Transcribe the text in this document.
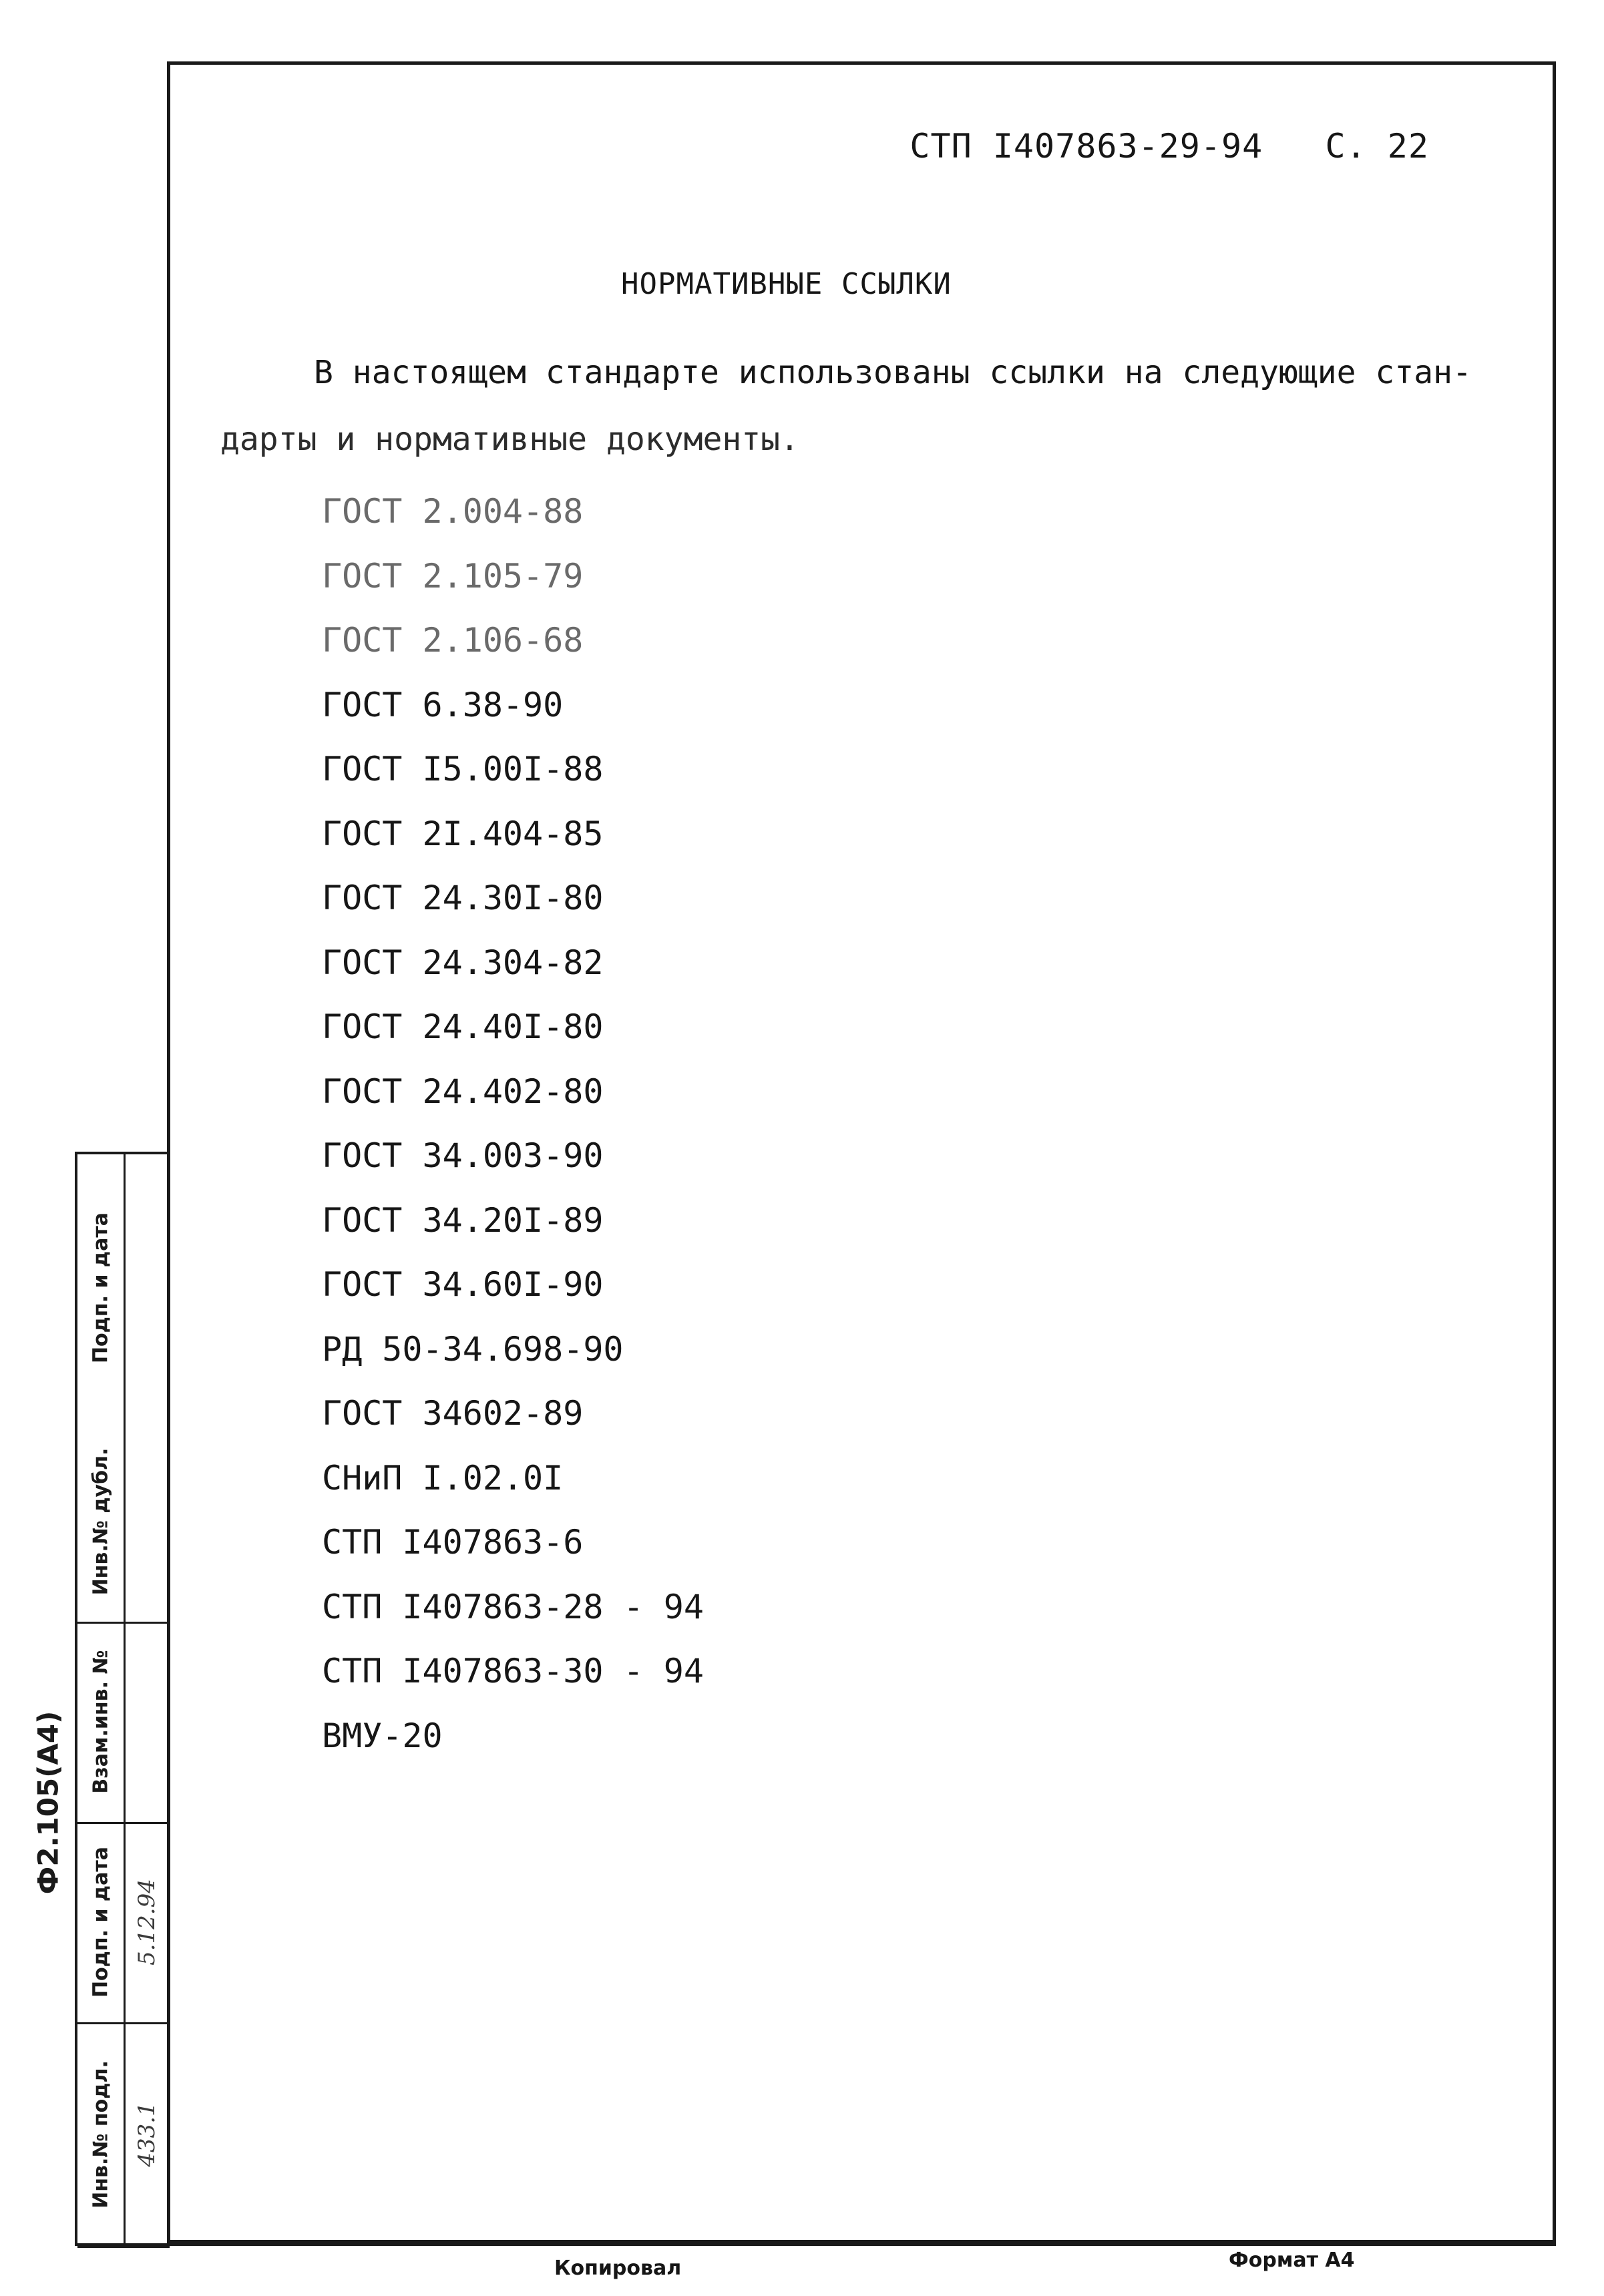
СТП I407863-29-94 С. 22
НОРМАТИВНЫЕ ССЫЛКИ
В настоящем стандарте использованы ссылки на следующие стан-
дарты и нормативные документы.
ГОСТ 2.004-88
ГОСТ 2.105-79
ГОСТ 2.106-68
ГОСТ 6.38-90
ГОСТ I5.00I-88
ГОСТ 2I.404-85
ГОСТ 24.30I-80
ГОСТ 24.304-82
ГОСТ 24.40I-80
ГОСТ 24.402-80
ГОСТ 34.003-90
ГОСТ 34.20I-89
ГОСТ 34.60I-90
РД 50-34.698-90
ГОСТ 34602-89
СНиП I.02.0I
СТП I407863-6
СТП I407863-28 - 94
СТП I407863-30 - 94
ВМУ-20
Инв.№ подл.
Подп. и дата
Взам.инв. №
Инв.№ дубл.
Подп. и дата
433.1
5.12.94
Ф2.105(А4)
Копировал	Формат А4
